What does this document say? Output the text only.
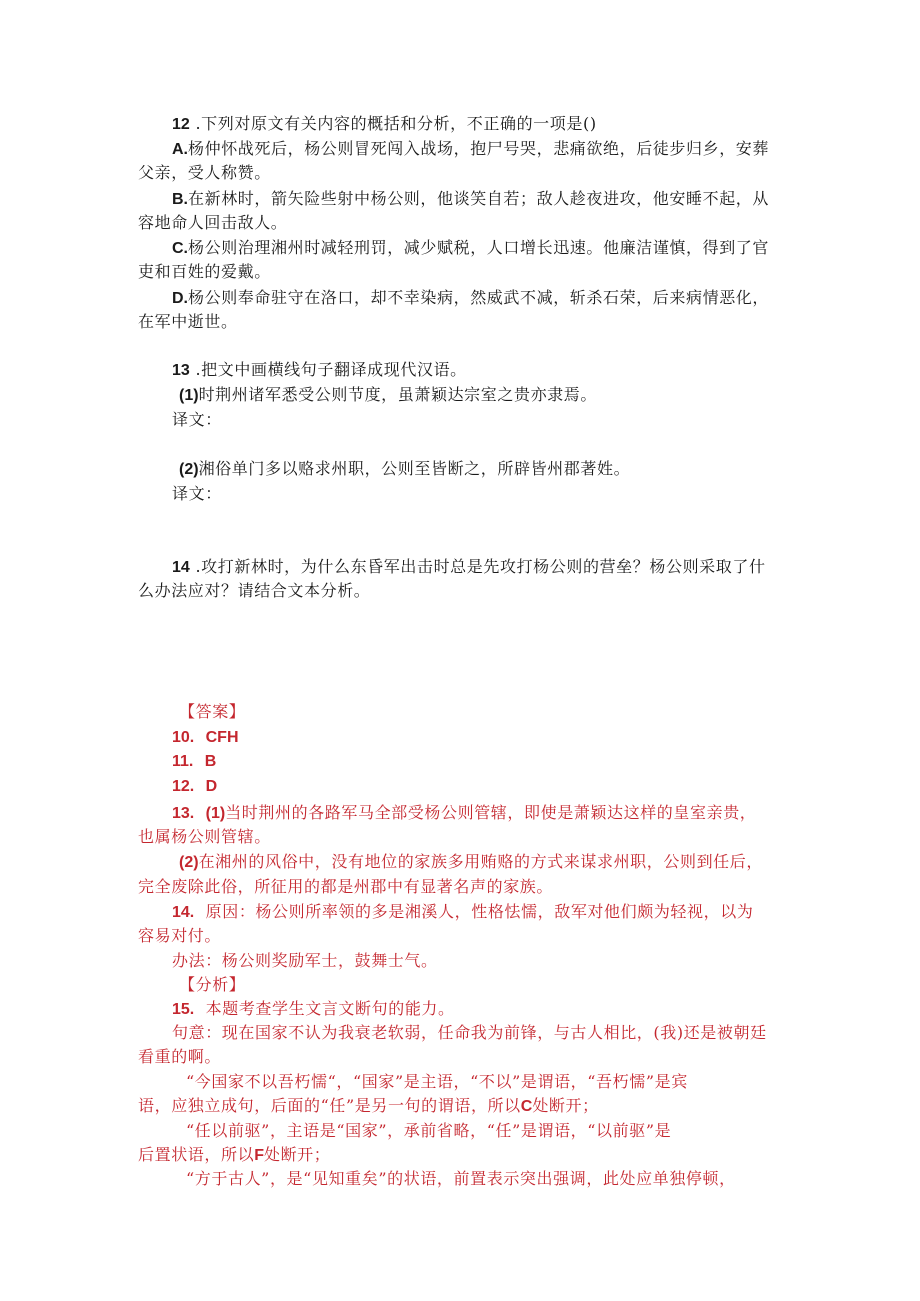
12 .下列对原文有关内容的概括和分析，不正确的一项是()
A.杨仲怀战死后，杨公则冒死闯入战场，抱尸号哭，悲痛欲绝，后徒步归乡，安葬
父亲，受人称赞。
B.在新林时，箭矢险些射中杨公则，他谈笑自若；敌人趁夜进攻，他安睡不起，从
容地命人回击敌人。
C.杨公则治理湘州时减轻刑罚，减少赋税，人口增长迅速。他廉洁谨慎，得到了官
吏和百姓的爱戴。
D.杨公则奉命驻守在洛口，却不幸染病，然威武不减，斩杀石荣，后来病情恶化，
在军中逝世。
13 .把文中画横线句子翻译成现代汉语。
(1)时荆州诸军悉受公则节度，虽萧颖达宗室之贵亦隶焉。
译文：
(2)湘俗单门多以赂求州职，公则至皆断之，所辟皆州郡著姓。
译文：
14 .攻打新林时，为什么东昏军出击时总是先攻打杨公则的营垒？杨公则采取了什
么办法应对？请结合文本分析。
【答案】
10. CFH
11. B
12. D
13. (1)当时荆州的各路军马全部受杨公则管辖，即使是萧颖达这样的皇室亲贵，
也属杨公则管辖。
(2)在湘州的风俗中，没有地位的家族多用贿赂的方式来谋求州职，公则到任后，
完全废除此俗，所征用的都是州郡中有显著名声的家族。
14. 原因：杨公则所率领的多是湘溪人，性格怯懦，敌军对他们颇为轻视，以为
容易对付。
办法：杨公则奖励军士，鼓舞士气。
【分析】
15. 本题考查学生文言文断句的能力。
句意：现在国家不认为我衰老软弱，任命我为前锋，与古人相比，(我)还是被朝廷
看重的啊。
“今国家不以吾朽懦“，“国家”是主语，“不以”是谓语，“吾朽懦”是宾
语，应独立成句，后面的“任”是另一句的谓语，所以C处断开；
“任以前驱”，主语是“国家”，承前省略，“任”是谓语，“以前驱”是
后置状语，所以F处断开；
“方于古人”，是“见知重矣”的状语，前置表示突出强调，此处应单独停顿，
